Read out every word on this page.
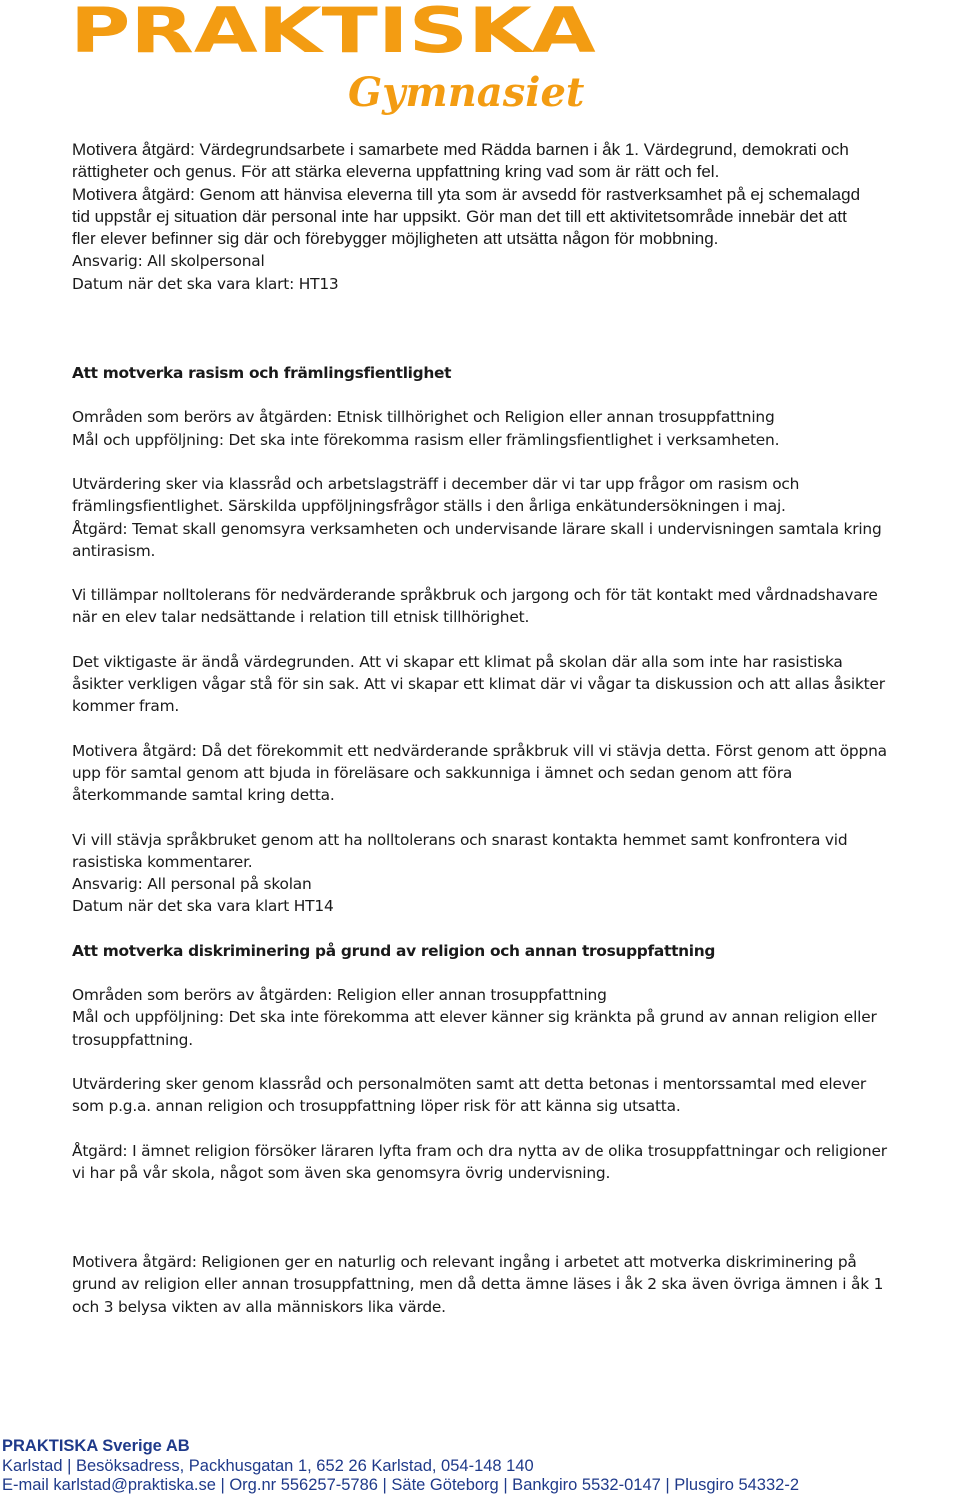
PRAKTISKA
Gymnasiet

Motivera åtgärd: Värdegrundsarbete i samarbete med Rädda barnen i åk 1. Värdegrund, demokrati och

rättigheter och genus. För att stärka eleverna uppfattning kring vad som är rätt och fel.

Motivera åtgärd: Genom att hänvisa eleverna till yta som är avsedd för rastverksamhet på ej schemalagd

tid uppstår ej situation där personal inte har uppsikt. Gör man det till ett aktivitetsområde innebär det att

fler elever befinner sig där och förebygger möjligheten att utsätta någon för mobbning.

Ansvarig: All skolpersonal

Datum när det ska vara klart: HT13

Att motverka rasism och främlingsfientlighet

Områden som berörs av åtgärden: Etnisk tillhörighet och Religion eller annan trosuppfattning

Mål och uppföljning: Det ska inte förekomma rasism eller främlingsfientlighet i verksamheten.

Utvärdering sker via klassråd och arbetslagsträff i december där vi tar upp frågor om rasism och

främlingsfientlighet. Särskilda uppföljningsfrågor ställs i den årliga enkätundersökningen i maj.

Åtgärd: Temat skall genomsyra verksamheten och undervisande lärare skall i undervisningen samtala kring

antirasism.

Vi tillämpar nolltolerans för nedvärderande språkbruk och jargong och för tät kontakt med vårdnadshavare

när en elev talar nedsättande i relation till etnisk tillhörighet.

Det viktigaste är ändå värdegrunden. Att vi skapar ett klimat på skolan där alla som inte har rasistiska

åsikter verkligen vågar stå för sin sak. Att vi skapar ett klimat där vi vågar ta diskussion och att allas åsikter

kommer fram.

Motivera åtgärd: Då det förekommit ett nedvärderande språkbruk vill vi stävja detta. Först genom att öppna

upp för samtal genom att bjuda in föreläsare och sakkunniga i ämnet och sedan genom att föra

återkommande samtal kring detta.

Vi vill stävja språkbruket genom att ha nolltolerans och snarast kontakta hemmet samt konfrontera vid

rasistiska kommentarer.

Ansvarig: All personal på skolan

Datum när det ska vara klart HT14

Att motverka diskriminering på grund av religion och annan trosuppfattning

Områden som berörs av åtgärden: Religion eller annan trosuppfattning

Mål och uppföljning: Det ska inte förekomma att elever känner sig kränkta på grund av annan religion eller

trosuppfattning.

Utvärdering sker genom klassråd och personalmöten samt att detta betonas i mentorssamtal med elever

som p.g.a. annan religion och trosuppfattning löper risk för att känna sig utsatta.

Åtgärd: I ämnet religion försöker läraren lyfta fram och dra nytta av de olika trosuppfattningar och religioner

vi har på vår skola, något som även ska genomsyra övrig undervisning.

Motivera åtgärd: Religionen ger en naturlig och relevant ingång i arbetet att motverka diskriminering på

grund av religion eller annan trosuppfattning, men då detta ämne läses i åk 2 ska även övriga ämnen i åk 1

och 3 belysa vikten av alla människors lika värde.

PRAKTISKA Sverige AB
Karlstad | Besöksadress, Packhusgatan 1, 652 26 Karlstad, 054-148 140
E-mail karlstad@praktiska.se | Org.nr 556257-5786 | Säte Göteborg | Bankgiro 5532-0147 | Plusgiro 54332-2
